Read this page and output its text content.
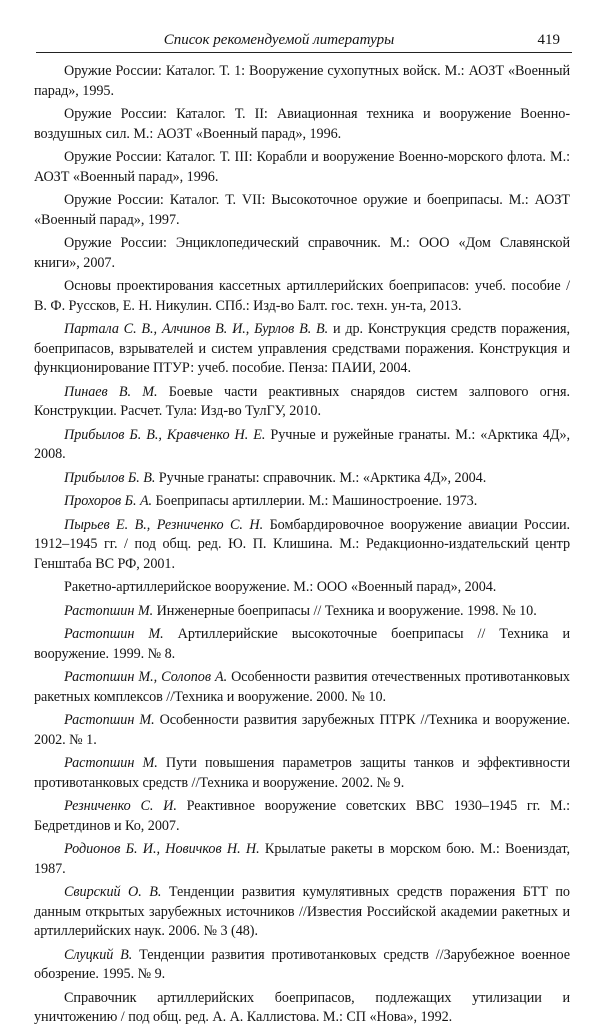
Список рекомендуемой литературы	419

Оружие России: Каталог. Т. 1: Вооружение сухопутных войск. М.: АОЗТ «Военный парад», 1995.

Оружие России: Каталог. Т. II: Авиационная техника и вооружение Военно-воздушных сил. М.: АОЗТ «Военный парад», 1996.

Оружие России: Каталог. Т. III: Корабли и вооружение Военно-морского флота. М.: АОЗТ «Военный парад», 1996.

Оружие России: Каталог. Т. VII: Высокоточное оружие и боеприпасы. М.: АОЗТ «Военный парад», 1997.

Оружие России: Энциклопедический справочник. М.: ООО «Дом Славянской книги», 2007.

Основы проектирования кассетных артиллерийских боеприпасов: учеб. пособие / В. Ф. Руссков, Е. Н. Никулин. СПб.: Изд-во Балт. гос. техн. ун-та, 2013.

Партала С. В., Алчинов В. И., Бурлов В. В. и др. Конструкция средств поражения, боеприпасов, взрывателей и систем управления средствами поражения. Конструкция и функционирование ПТУР: учеб. пособие. Пенза: ПАИИ, 2004.

Пинаев В. М. Боевые части реактивных снарядов систем залпового огня. Конструкции. Расчет. Тула: Изд-во ТулГУ, 2010.

Прибылов Б. В., Кравченко Н. Е. Ручные и ружейные гранаты. М.: «Арктика 4Д», 2008.

Прибылов Б. В. Ручные гранаты: справочник. М.: «Арктика 4Д», 2004.

Прохоров Б. А. Боеприпасы артиллерии. М.: Машиностроение. 1973.

Пырьев Е. В., Резниченко С. Н. Бомбардировочное вооружение авиации России. 1912–1945 гг. / под общ. ред. Ю. П. Клишина. М.: Редакционно-издательский центр Генштаба ВС РФ, 2001.

Ракетно-артиллерийское вооружение. М.: ООО «Военный парад», 2004.

Растопшин М. Инженерные боеприпасы // Техника и вооружение. 1998. № 10.

Растопшин М. Артиллерийские высокоточные боеприпасы // Техника и вооружение. 1999. № 8.

Растопшин М., Солопов А. Особенности развития отечественных противотанковых ракетных комплексов //Техника и вооружение. 2000. № 10.

Растопшин М. Особенности развития зарубежных ПТРК //Техника и вооружение. 2002. № 1.

Растопшин М. Пути повышения параметров защиты танков и эффективности противотанковых средств //Техника и вооружение. 2002. № 9.

Резниченко С. И. Реактивное вооружение советских ВВС 1930–1945 гг. М.: Бедретдинов и Ко, 2007.

Родионов Б. И., Новичков Н. Н. Крылатые ракеты в морском бою. М.: Воениздат, 1987.

Свирский О. В. Тенденции развития кумулятивных средств поражения БТТ по данным открытых зарубежных источников //Известия Российской академии ракетных и артиллерийских наук. 2006. № 3 (48).

Слуцкий В. Тенденции развития противотанковых средств //Зарубежное военное обозрение. 1995. № 9.

Справочник артиллерийских боеприпасов, подлежащих утилизации и уничтожению / под общ. ред. А. А. Каллистова. М.: СП «Нова», 1992.
